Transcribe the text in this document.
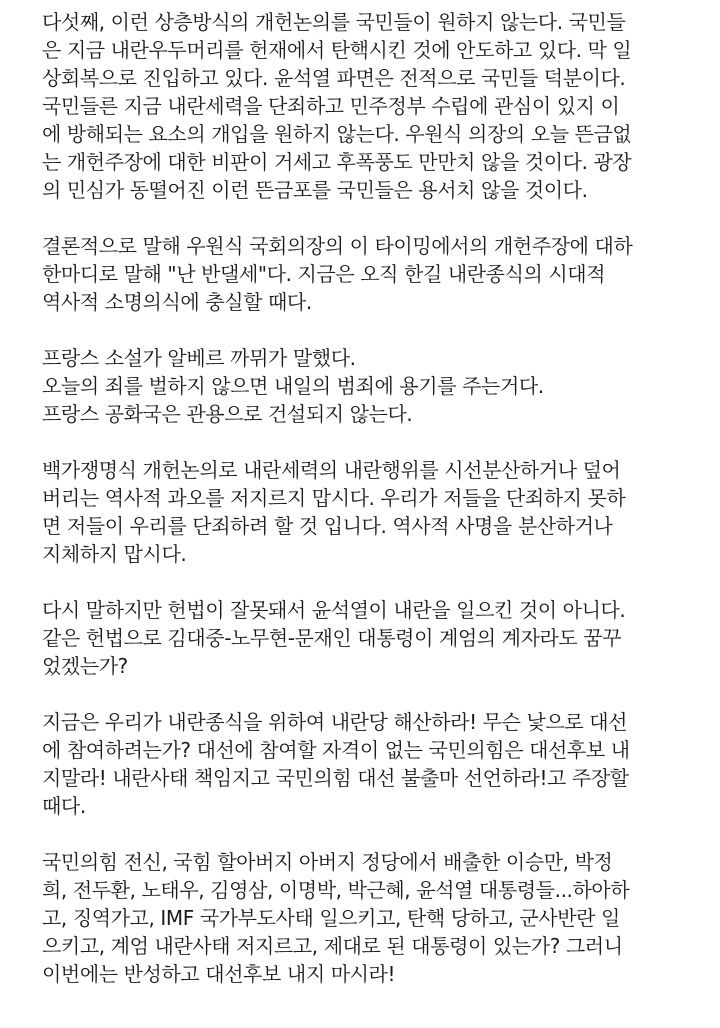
다섯째, 이런 상층방식의 개헌논의를 국민들이 원하지 않는다. 국민들
은 지금 내란우두머리를 헌재에서 탄핵시킨 것에 안도하고 있다. 막 일
상회복으로 진입하고 있다. 윤석열 파면은 전적으로 국민들 덕분이다.
국민들른 지금 내란세력을 단죄하고 민주정부 수립에 관심이 있지 이
에 방해되는 요소의 개입을 원하지 않는다. 우원식 의장의 오늘 뜬금없
는 개헌주장에 대한 비판이 거세고 후폭풍도 만만치 않을 것이다. 광장
의 민심가 동떨어진 이런 뜬금포를 국민들은 용서치 않을 것이다.
결론적으로 말해 우원식 국회의장의 이 타이밍에서의 개헌주장에 대하
한마디로 말해 "난 반댈세"다. 지금은 오직 한길 내란종식의 시대적
역사적 소명의식에 충실할 때다.
프랑스 소설가 알베르 까뮈가 말했다.
오늘의 죄를 벌하지 않으면 내일의 범죄에 용기를 주는거다.
프랑스 공화국은 관용으로 건설되지 않는다.
백가쟁명식 개헌논의로 내란세력의 내란행위를 시선분산하거나 덮어
버리는 역사적 과오를 저지르지 맙시다. 우리가 저들을 단죄하지 못하
면 저들이 우리를 단죄하려 할 것 입니다. 역사적 사명을 분산하거나
지체하지 맙시다.
다시 말하지만 헌법이 잘못돼서 윤석열이 내란을 일으킨 것이 아니다.
같은 헌법으로 김대중-노무현-문재인 대통령이 계엄의 계자라도 꿈꾸
었겠는가?
지금은 우리가 내란종식을 위하여 내란당 해산하라! 무슨 낯으로 대선
에 참여하려는가? 대선에 참여할 자격이 없는 국민의힘은 대선후보 내
지말라! 내란사태 책임지고 국민의힘 대선 불출마 선언하라!고 주장할
때다.
국민의힘 전신, 국힘 할아버지 아버지 정당에서 배출한 이승만, 박정
희, 전두환, 노태우, 김영삼, 이명박, 박근혜, 윤석열 대통령들...하아하
고, 징역가고, IMF 국가부도사태 일으키고, 탄핵 당하고, 군사반란 일
으키고, 계엄 내란사태 저지르고, 제대로 된 대통령이 있는가? 그러니
이번에는 반성하고 대선후보 내지 마시라!
